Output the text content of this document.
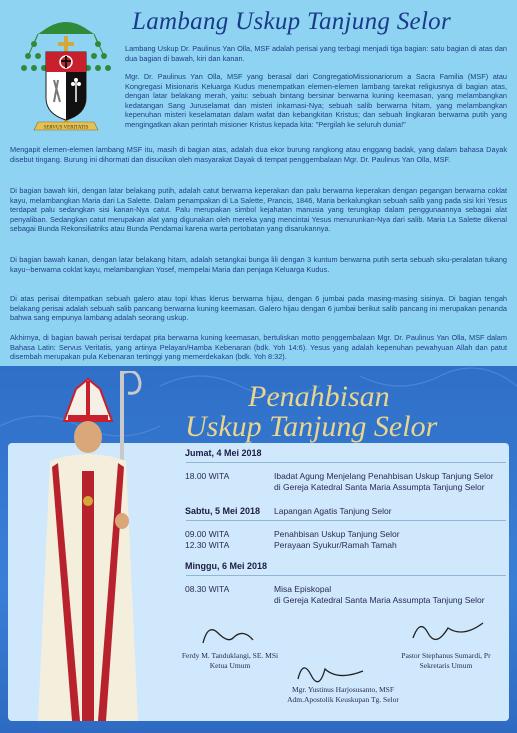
SERVUS VERITATIS
Lambang Uskup Tanjung Selor

Lambang Uskup Dr. Paulinus Yan Olla, MSF adalah perisai yang terbagi menjadi tiga bagian: satu bagian di atas dan dua bagian di bawah, kiri dan kanan.

Mgr. Dr. Paulinus Yan Olla, MSF yang berasal dari CongregatioMissionariorum a Sacra Familia (MSF) atau Kongregasi Misionaris Keluarga Kudus menempatkan elemen-elemen lambang tarekat religiusnya di bagian atas, dengan latar belakang merah, yaitu: sebuah bintang bersinar berwarna kuning keemasan, yang melambangkan kedatangan Sang Juruselamat dan misteri inkarnasi-Nya; sebuah salib berwarna hitam, yang melambangkan kepenuhan misteri keselamatan dalam wafat dan kebangkitan Kristus; dan sebuah lingkaran berwarna putih yang mengingatkan akan perintah misioner Kristus kepada kita: "Pergilah ke seluruh dunia!"

Mengapit elemen-elemen lambang MSF itu, masih di bagian atas, adalah dua ekor burung rangkong atau enggang badak, yang dalam bahasa Dayak disebut tingang. Burung ini dihormati dan disucikan oleh masyarakat Dayak di tempat penggembalaan Mgr. Dr. Paulinus Yan Olla, MSF.

Di bagian bawah kiri, dengan latar belakang putih, adalah catut berwarna keperakan dan palu berwarna keperakan dengan pegangan berwarna coklat kayu, melambangkan Maria dari La Salette. Dalam penampakan di La Salette, Prancis, 1846, Maria berkalungkan sebuah salib yang pada sisi kiri Yesus terdapat palu sedangkan sisi kanan-Nya catut. Palu merupakan simbol kejahatan manusia yang terungkap dalam penggunaannya sebagai alat penyaliban. Sedangkan catut merupakan alat yang digunakan oleh mereka yang mencintai Yesus menurunkan-Nya dari salib. Maria La Salette dikenal sebagai Bunda Rekonsiliatriks atau Bunda Pendamai karena warta pertobatan yang disarukannya.

Di bagian bawah kanan, dengan latar belakang hitam, adalah setangkai bunga lili dengan 3 kuntum berwarna putih serta sebuah siku-peralatan tukang kayu--berwarna coklat kayu, melambangkan Yosef, mempelai Maria dan penjaga Keluarga Kudus.

Di atas perisai ditempatkan sebuah galero atau topi khas klerus berwarna hijau, dengan 6 jumbai pada masing-masing sisinya. Di bagian tengah belakang perisai adalah sebuah salib pancang berwarna kuning keemasan. Galero hijau dengan 6 jumbai berikut salib pancang ini merupakan penanda bahwa sang empunya lambang adalah seorang uskup.

Akhirnya, di bagian bawah perisai terdapat pita berwarna kuning keemasan, bertuliskan motto penggembalaan Mgr. Dr. Paulinus Yan Olla, MSF dalam Bahasa Latin: Servus Veritatis, yang artinya Pelayan/Hamba Kebenaran (bdk. Yoh 14:6). Yesus yang adalah kepenuhan pewahyuan Allah dan patut disembah merupakan pula Kebenaran tertinggi yang memerdekakan (bdk. Yoh 8:32).

Penahbisan
Uskup Tanjung Selor
Jumat, 4 Mei 2018
18.00 WITA	Ibadat Agung Menjelang Penahbisan Uskup Tanjung Selor
di Gereja Katedral Santa Maria Assumpta Tanjung Selor
Sabtu, 5 Mei 2018 Lapangan Agatis Tanjung Selor
09.00 WITA	Penahbisan Uskup Tanjung Selor
12.30 WITA	Perayaan Syukur/Ramah Tamah
Minggu, 6 Mei 2018
08.30 WITA	Misa Episkopal
di Gereja Katedral Santa Maria Assumpta Tanjung Selor
Ferdy M. Tanduklangi, SE. MSi
Ketua Umum
Pastor Stephanus Sumardi, Pr
Sekretaris Umum
Mgr. Yustinus Harjosusanto, MSF
Adm.Apostolik Keuskupan Tg. Selor
